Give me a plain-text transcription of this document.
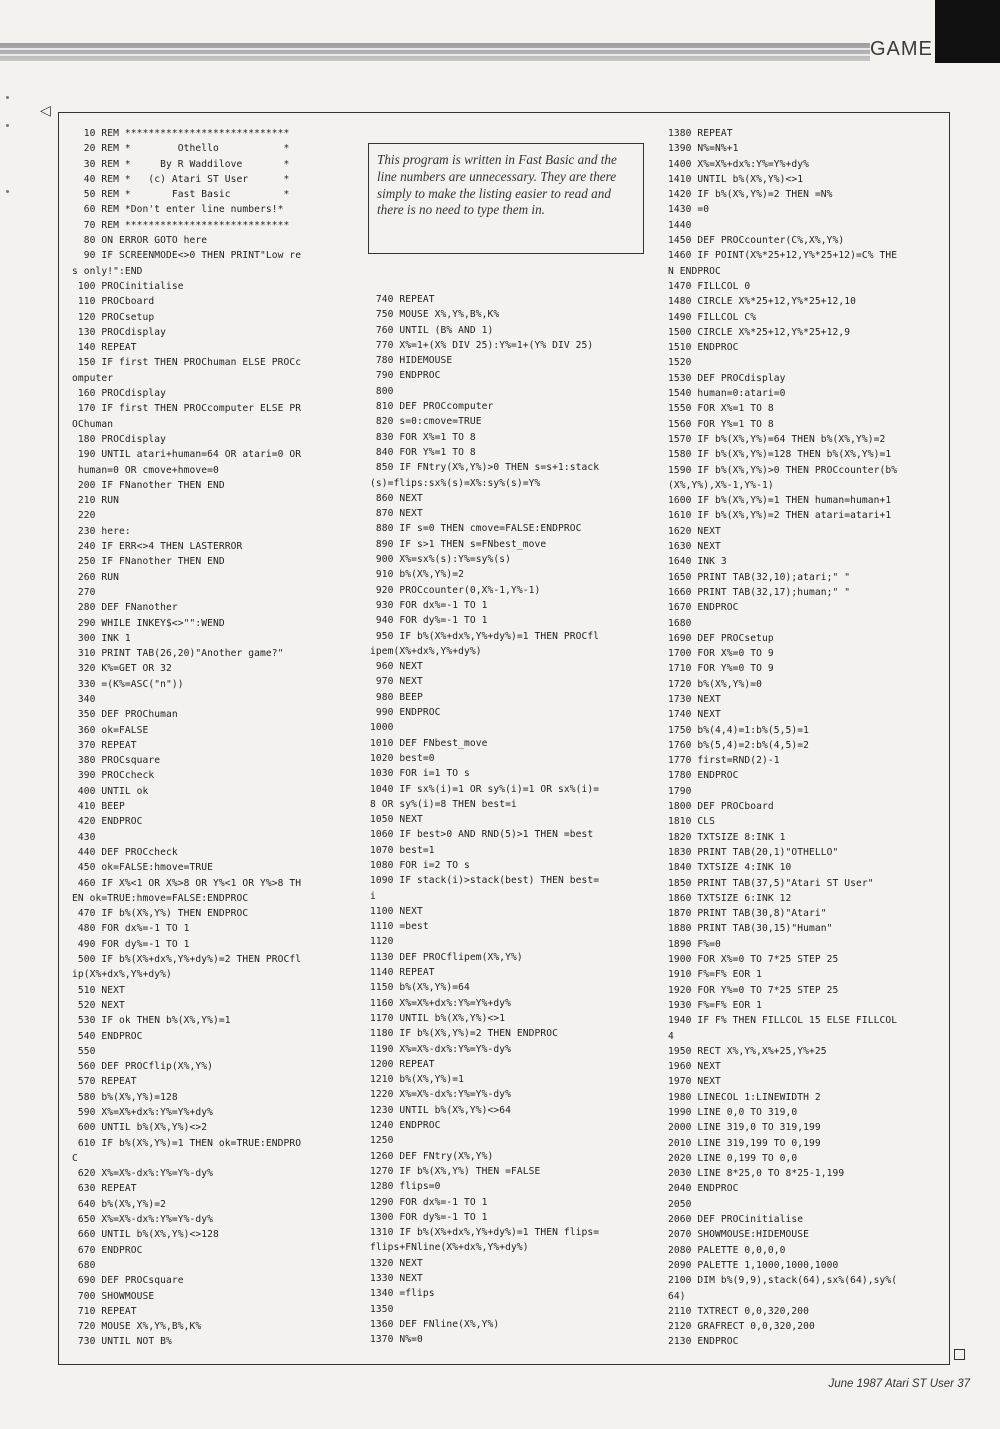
GAME
◁
10 REM ****************************
20 REM *        Othello           *
30 REM *     By R Waddilove       *
40 REM *   (c) Atari ST User      *
50 REM *       Fast Basic         *
60 REM *Don't enter line numbers!*
70 REM ****************************
80 ON ERROR GOTO here
90 IF SCREENMODE<>0 THEN PRINT"Low re
s only!":END
100 PROCinitialise
110 PROCboard
120 PROCsetup
130 PROCdisplay
140 REPEAT
150 IF first THEN PROChuman ELSE PROCc
omputer
160 PROCdisplay
170 IF first THEN PROCcomputer ELSE PR
OChuman
180 PROCdisplay
190 UNTIL atari+human=64 OR atari=0 OR
human=0 OR cmove+hmove=0
200 IF FNanother THEN END
210 RUN
220
230 here:
240 IF ERR<>4 THEN LASTERROR
250 IF FNanother THEN END
260 RUN
270
280 DEF FNanother
290 WHILE INKEY$<>"":WEND
300 INK 1
310 PRINT TAB(26,20)"Another game?"
320 K%=GET OR 32
330 =(K%=ASC("n"))
340
350 DEF PROChuman
360 ok=FALSE
370 REPEAT
380 PROCsquare
390 PROCcheck
400 UNTIL ok
410 BEEP
420 ENDPROC
430
440 DEF PROCcheck
450 ok=FALSE:hmove=TRUE
460 IF X%<1 OR X%>8 OR Y%<1 OR Y%>8 TH
EN ok=TRUE:hmove=FALSE:ENDPROC
470 IF b%(X%,Y%) THEN ENDPROC
480 FOR dx%=-1 TO 1
490 FOR dy%=-1 TO 1
500 IF b%(X%+dx%,Y%+dy%)=2 THEN PROCfl
ip(X%+dx%,Y%+dy%)
510 NEXT
520 NEXT
530 IF ok THEN b%(X%,Y%)=1
540 ENDPROC
550
560 DEF PROCflip(X%,Y%)
570 REPEAT
580 b%(X%,Y%)=128
590 X%=X%+dx%:Y%=Y%+dy%
600 UNTIL b%(X%,Y%)<>2
610 IF b%(X%,Y%)=1 THEN ok=TRUE:ENDPRO
C
620 X%=X%-dx%:Y%=Y%-dy%
630 REPEAT
640 b%(X%,Y%)=2
650 X%=X%-dx%:Y%=Y%-dy%
660 UNTIL b%(X%,Y%)<>128
670 ENDPROC
680
690 DEF PROCsquare
700 SHOWMOUSE
710 REPEAT
720 MOUSE X%,Y%,B%,K%
730 UNTIL NOT B%
740 REPEAT
750 MOUSE X%,Y%,B%,K%
760 UNTIL (B% AND 1)
770 X%=1+(X% DIV 25):Y%=1+(Y% DIV 25)
780 HIDEMOUSE
790 ENDPROC
800
810 DEF PROCcomputer
820 s=0:cmove=TRUE
830 FOR X%=1 TO 8
840 FOR Y%=1 TO 8
850 IF FNtry(X%,Y%)>0 THEN s=s+1:stack
(s)=flips:sx%(s)=X%:sy%(s)=Y%
860 NEXT
870 NEXT
880 IF s=0 THEN cmove=FALSE:ENDPROC
890 IF s>1 THEN s=FNbest_move
900 X%=sx%(s):Y%=sy%(s)
910 b%(X%,Y%)=2
920 PROCcounter(0,X%-1,Y%-1)
930 FOR dx%=-1 TO 1
940 FOR dy%=-1 TO 1
950 IF b%(X%+dx%,Y%+dy%)=1 THEN PROCfl
ipem(X%+dx%,Y%+dy%)
960 NEXT
970 NEXT
980 BEEP
990 ENDPROC
1000
1010 DEF FNbest_move
1020 best=0
1030 FOR i=1 TO s
1040 IF sx%(i)=1 OR sy%(i)=1 OR sx%(i)=
8 OR sy%(i)=8 THEN best=i
1050 NEXT
1060 IF best>0 AND RND(5)>1 THEN =best
1070 best=1
1080 FOR i=2 TO s
1090 IF stack(i)>stack(best) THEN best=
i
1100 NEXT
1110 =best
1120
1130 DEF PROCflipem(X%,Y%)
1140 REPEAT
1150 b%(X%,Y%)=64
1160 X%=X%+dx%:Y%=Y%+dy%
1170 UNTIL b%(X%,Y%)<>1
1180 IF b%(X%,Y%)=2 THEN ENDPROC
1190 X%=X%-dx%:Y%=Y%-dy%
1200 REPEAT
1210 b%(X%,Y%)=1
1220 X%=X%-dx%:Y%=Y%-dy%
1230 UNTIL b%(X%,Y%)<>64
1240 ENDPROC
1250
1260 DEF FNtry(X%,Y%)
1270 IF b%(X%,Y%) THEN =FALSE
1280 flips=0
1290 FOR dx%=-1 TO 1
1300 FOR dy%=-1 TO 1
1310 IF b%(X%+dx%,Y%+dy%)=1 THEN flips=
flips+FNline(X%+dx%,Y%+dy%)
1320 NEXT
1330 NEXT
1340 =flips
1350
1360 DEF FNline(X%,Y%)
1370 N%=0
1380 REPEAT
1390 N%=N%+1
1400 X%=X%+dx%:Y%=Y%+dy%
1410 UNTIL b%(X%,Y%)<>1
1420 IF b%(X%,Y%)=2 THEN =N%
1430 =0
1440
1450 DEF PROCcounter(C%,X%,Y%)
1460 IF POINT(X%*25+12,Y%*25+12)=C% THE
N ENDPROC
1470 FILLCOL 0
1480 CIRCLE X%*25+12,Y%*25+12,10
1490 FILLCOL C%
1500 CIRCLE X%*25+12,Y%*25+12,9
1510 ENDPROC
1520
1530 DEF PROCdisplay
1540 human=0:atari=0
1550 FOR X%=1 TO 8
1560 FOR Y%=1 TO 8
1570 IF b%(X%,Y%)=64 THEN b%(X%,Y%)=2
1580 IF b%(X%,Y%)=128 THEN b%(X%,Y%)=1
1590 IF b%(X%,Y%)>0 THEN PROCcounter(b%
(X%,Y%),X%-1,Y%-1)
1600 IF b%(X%,Y%)=1 THEN human=human+1
1610 IF b%(X%,Y%)=2 THEN atari=atari+1
1620 NEXT
1630 NEXT
1640 INK 3
1650 PRINT TAB(32,10);atari;" "
1660 PRINT TAB(32,17);human;" "
1670 ENDPROC
1680
1690 DEF PROCsetup
1700 FOR X%=0 TO 9
1710 FOR Y%=0 TO 9
1720 b%(X%,Y%)=0
1730 NEXT
1740 NEXT
1750 b%(4,4)=1:b%(5,5)=1
1760 b%(5,4)=2:b%(4,5)=2
1770 first=RND(2)-1
1780 ENDPROC
1790
1800 DEF PROCboard
1810 CLS
1820 TXTSIZE 8:INK 1
1830 PRINT TAB(20,1)"OTHELLO"
1840 TXTSIZE 4:INK 10
1850 PRINT TAB(37,5)"Atari ST User"
1860 TXTSIZE 6:INK 12
1870 PRINT TAB(30,8)"Atari"
1880 PRINT TAB(30,15)"Human"
1890 F%=0
1900 FOR X%=0 TO 7*25 STEP 25
1910 F%=F% EOR 1
1920 FOR Y%=0 TO 7*25 STEP 25
1930 F%=F% EOR 1
1940 IF F% THEN FILLCOL 15 ELSE FILLCOL
4
1950 RECT X%,Y%,X%+25,Y%+25
1960 NEXT
1970 NEXT
1980 LINECOL 1:LINEWIDTH 2
1990 LINE 0,0 TO 319,0
2000 LINE 319,0 TO 319,199
2010 LINE 319,199 TO 0,199
2020 LINE 0,199 TO 0,0
2030 LINE 8*25,0 TO 8*25-1,199
2040 ENDPROC
2050
2060 DEF PROCinitialise
2070 SHOWMOUSE:HIDEMOUSE
2080 PALETTE 0,0,0,0
2090 PALETTE 1,1000,1000,1000
2100 DIM b%(9,9),stack(64),sx%(64),sy%(
64)
2110 TXTRECT 0,0,320,200
2120 GRAFRECT 0,0,320,200
2130 ENDPROC
This program is written in Fast Basic and the line numbers are unnecessary. They are there simply to make the listing easier to read and there is no need to type them in.
June 1987 Atari ST User 37
